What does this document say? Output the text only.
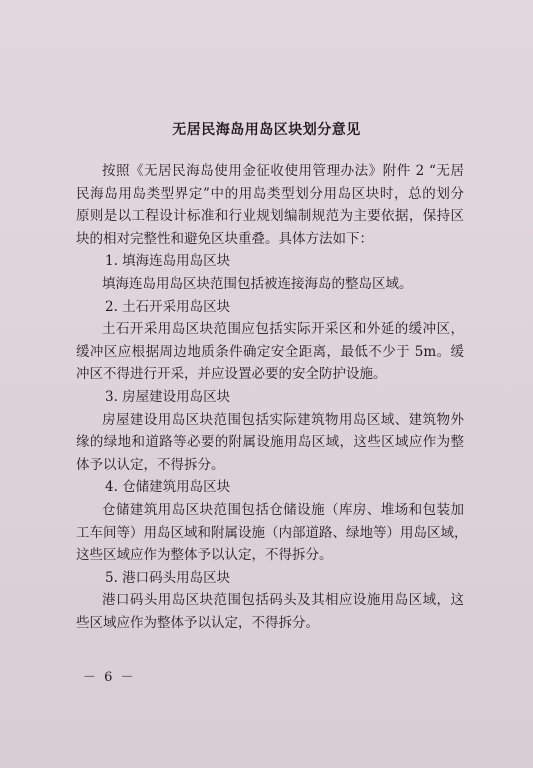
无居民海岛用岛区块划分意见
按照《无居民海岛使用金征收使用管理办法》附件 2 “无居
民海岛用岛类型界定”中的用岛类型划分用岛区块时，总的划分
原则是以工程设计标准和行业规划编制规范为主要依据，保持区
块的相对完整性和避免区块重叠。具体方法如下：
1. 填海连岛用岛区块
填海连岛用岛区块范围包括被连接海岛的整岛区域。
2. 土石开采用岛区块
土石开采用岛区块范围应包括实际开采区和外延的缓冲区，
缓冲区应根据周边地质条件确定安全距离，最低不少于 5m。缓
冲区不得进行开采，并应设置必要的安全防护设施。
3. 房屋建设用岛区块
房屋建设用岛区块范围包括实际建筑物用岛区域、建筑物外
缘的绿地和道路等必要的附属设施用岛区域，这些区域应作为整
体予以认定，不得拆分。
4. 仓储建筑用岛区块
仓储建筑用岛区块范围包括仓储设施（库房、堆场和包装加
工车间等）用岛区域和附属设施（内部道路、绿地等）用岛区域，
这些区域应作为整体予以认定，不得拆分。
5. 港口码头用岛区块
港口码头用岛区块范围包括码头及其相应设施用岛区域，这
些区域应作为整体予以认定，不得拆分。
－ 6 －
